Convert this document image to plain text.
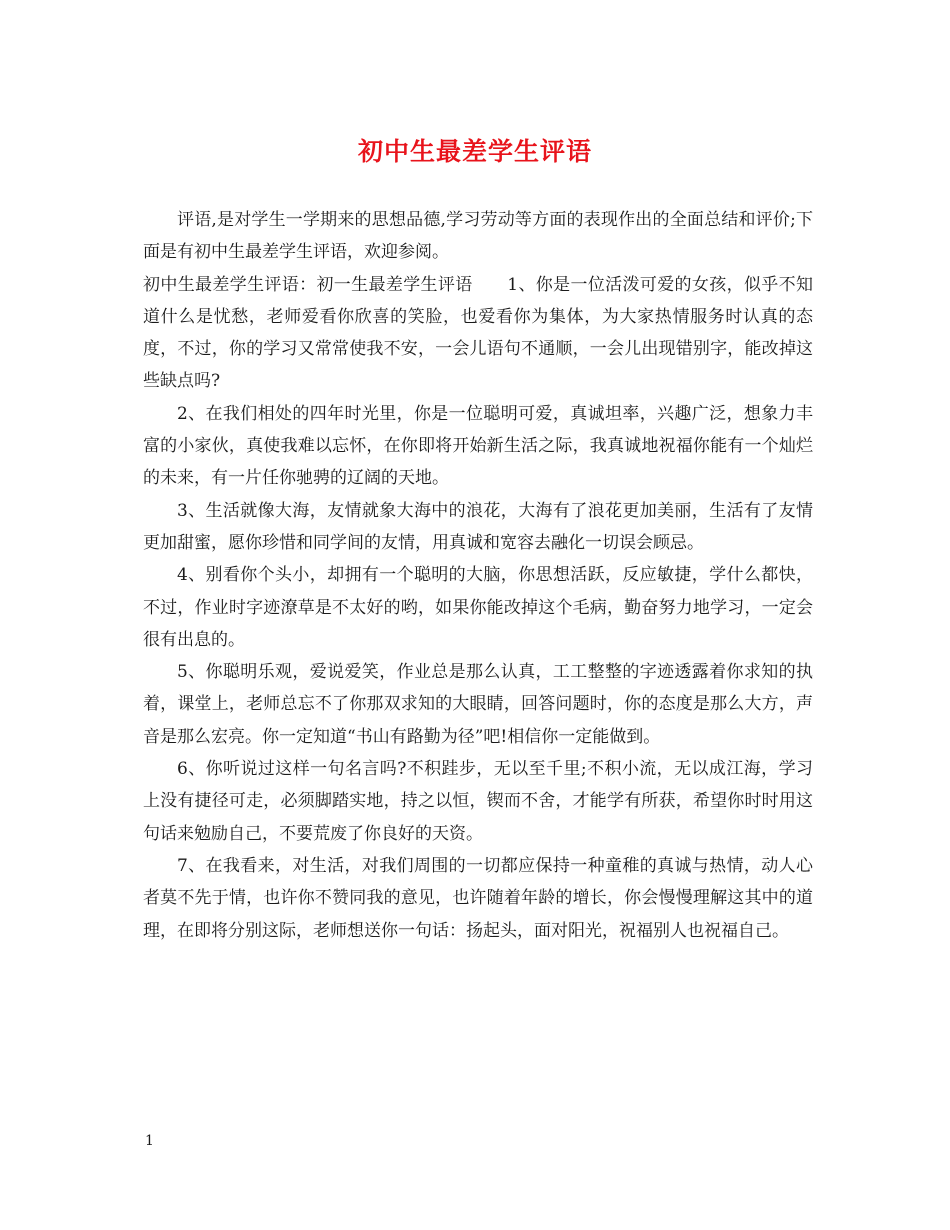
初中生最差学生评语

评语,是对学生一学期来的思想品德,学习劳动等方面的表现作出的全面总结和评价;下面是有初中生最差学生评语，欢迎参阅。

初中生最差学生评语：初一生最差学生评语　　1、你是一位活泼可爱的女孩，似乎不知道什么是忧愁，老师爱看你欣喜的笑脸，也爱看你为集体，为大家热情服务时认真的态度，不过，你的学习又常常使我不安，一会儿语句不通顺，一会儿出现错别字，能改掉这些缺点吗?

2、在我们相处的四年时光里，你是一位聪明可爱，真诚坦率，兴趣广泛，想象力丰富的小家伙，真使我难以忘怀，在你即将开始新生活之际，我真诚地祝福你能有一个灿烂的未来，有一片任你驰骋的辽阔的天地。

3、生活就像大海，友情就象大海中的浪花，大海有了浪花更加美丽，生活有了友情更加甜蜜，愿你珍惜和同学间的友情，用真诚和宽容去融化一切误会顾忌。

4、别看你个头小，却拥有一个聪明的大脑，你思想活跃，反应敏捷，学什么都快，不过，作业时字迹潦草是不太好的哟，如果你能改掉这个毛病，勤奋努力地学习，一定会很有出息的。

5、你聪明乐观，爱说爱笑，作业总是那么认真，工工整整的字迹透露着你求知的执着，课堂上，老师总忘不了你那双求知的大眼睛，回答问题时，你的态度是那么大方，声音是那么宏亮。你一定知道“书山有路勤为径”吧!相信你一定能做到。

6、你听说过这样一句名言吗?不积跬步，无以至千里;不积小流，无以成江海，学习上没有捷径可走，必须脚踏实地，持之以恒，锲而不舍，才能学有所获，希望你时时用这句话来勉励自己，不要荒废了你良好的天资。

7、在我看来，对生活，对我们周围的一切都应保持一种童稚的真诚与热情，动人心者莫不先于情，也许你不赞同我的意见，也许随着年龄的增长，你会慢慢理解这其中的道理，在即将分别这际，老师想送你一句话：扬起头，面对阳光，祝福别人也祝福自己。

1
